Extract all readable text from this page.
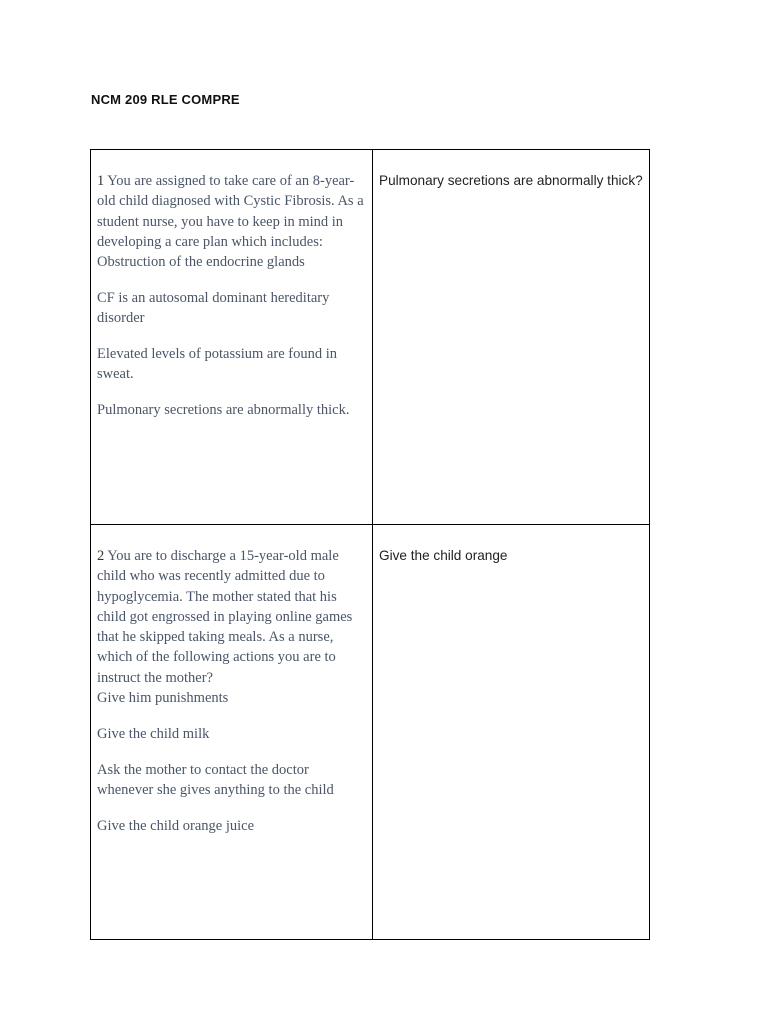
NCM 209 RLE COMPRE

1 You are assigned to take care of an 8-year-old child diagnosed with Cystic Fibrosis. As a student nurse, you have to keep in mind in developing a care plan which includes:

Obstruction of the endocrine glands

CF is an autosomal dominant hereditary disorder

Elevated levels of potassium are found in sweat.

Pulmonary secretions are abnormally thick.	Pulmonary secretions are abnormally thick?

2 You are to discharge a 15-year-old male child who was recently admitted due to hypoglycemia. The mother stated that his child got engrossed in playing online games that he skipped taking meals. As a nurse, which of the following actions you are to instruct the mother?

Give him punishments

Give the child milk

Ask the mother to contact the doctor whenever she gives anything to the child

Give the child orange juice	Give the child orange
